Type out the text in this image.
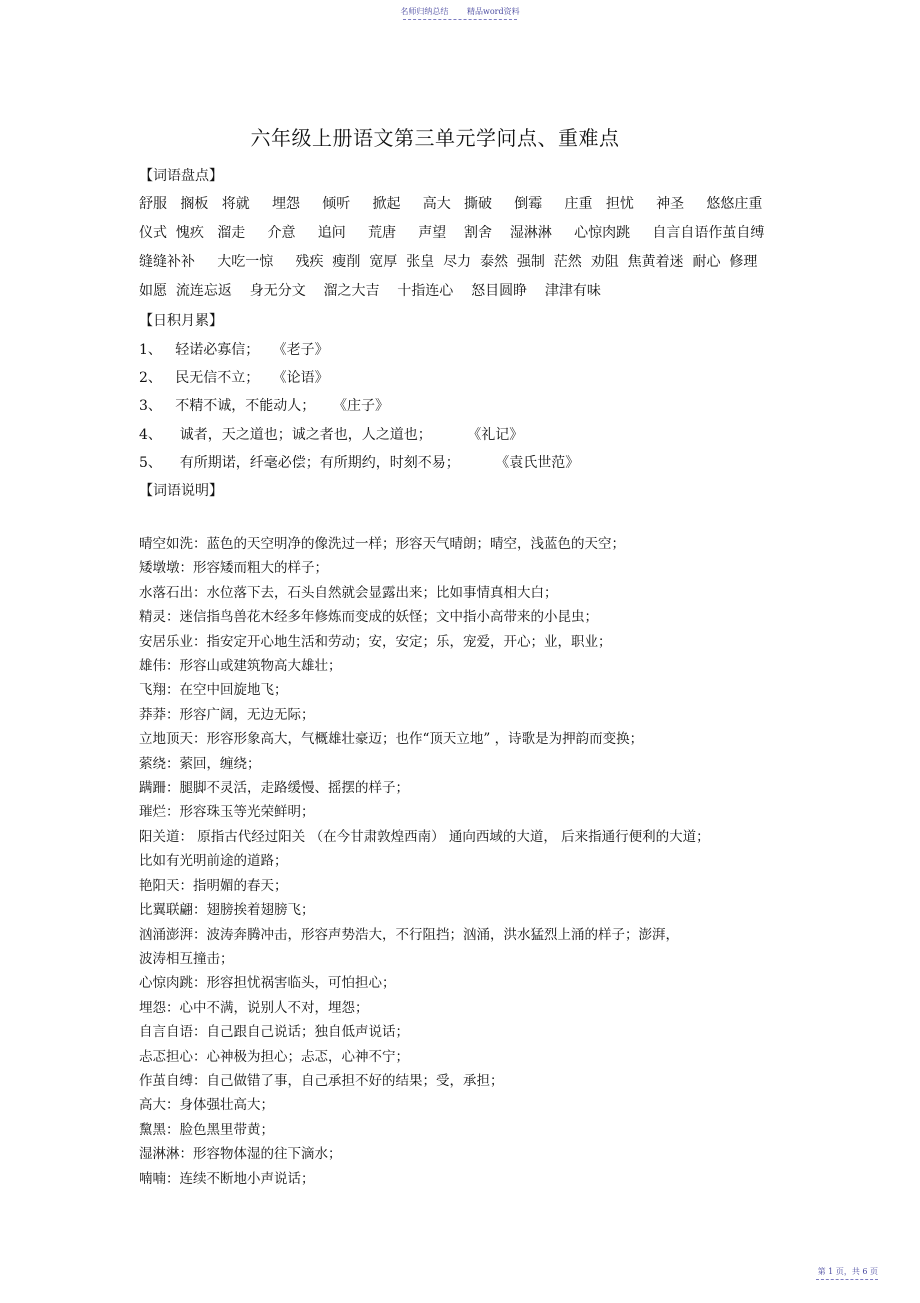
名师归纳总结 精品word资料
六年级上册语文第三单元学问点、重难点
【词语盘点】
舒服   搁板   将就     埋怨     倾听     掀起     高大   撕破     倒霉     庄重   担忧     神圣     悠悠庄重
仪式  愧疚   溜走     介意     追问     荒唐     声望    割舍    湿淋淋     心惊肉跳     自言自语作茧自缚
缝缝补补     大吃一惊     残疾  瘦削  宽厚  张皇  尽力  泰然  强制  茫然  劝阻  焦黄着迷  耐心  修理
如愿  流连忘返    身无分文    溜之大吉    十指连心    怒目圆睁    津津有味
【日积月累】
1、   轻诺必寡信；   《老子》
2、   民无信不立；   《论语》
3、   不精不诚，不能动人；    《庄子》
4、    诚者，天之道也；诚之者也，人之道也；        《礼记》
5、    有所期诺，纤毫必偿；有所期约，时刻不易；        《袁氏世范》
【词语说明】
晴空如洗：蓝色的天空明净的像洗过一样；形容天气晴朗；晴空，浅蓝色的天空；
矮墩墩：形容矮而粗大的样子；
水落石出：水位落下去，石头自然就会显露出来；比如事情真相大白；
精灵：迷信指鸟兽花木经多年修炼而变成的妖怪；文中指小高带来的小昆虫；
安居乐业：指安定开心地生活和劳动；安，安定；乐，宠爱，开心；业，职业；
雄伟：形容山或建筑物高大雄壮；
飞翔：在空中回旋地飞；
莽莽：形容广阔，无边无际；
立地顶天：形容形象高大，气概雄壮豪迈；也作“顶天立地” ，诗歌是为押韵而变换；
萦绕：萦回，缠绕；
蹒跚：腿脚不灵活，走路缓慢、摇摆的样子；
璀烂：形容珠玉等光荣鲜明；
阳关道： 原指古代经过阳关 （在今甘肃敦煌西南） 通向西域的大道， 后来指通行便利的大道；
比如有光明前途的道路；
艳阳天：指明媚的春天；
比翼联翩：翅膀挨着翅膀飞；
汹涌澎湃：波涛奔腾冲击，形容声势浩大，不行阻挡；汹涌，洪水猛烈上涌的样子；澎湃，
波涛相互撞击；
心惊肉跳：形容担忧祸害临头，可怕担心；
埋怨：心中不满，说别人不对，埋怨；
自言自语：自己跟自己说话；独自低声说话；
忐忑担心：心神极为担心；忐忑，心神不宁；
作茧自缚：自己做错了事，自己承担不好的结果；受，承担；
高大：身体强壮高大；
黧黑：脸色黑里带黄；
湿淋淋：形容物体湿的往下滴水；
喃喃：连续不断地小声说话；
第 1 页，共 6 页
